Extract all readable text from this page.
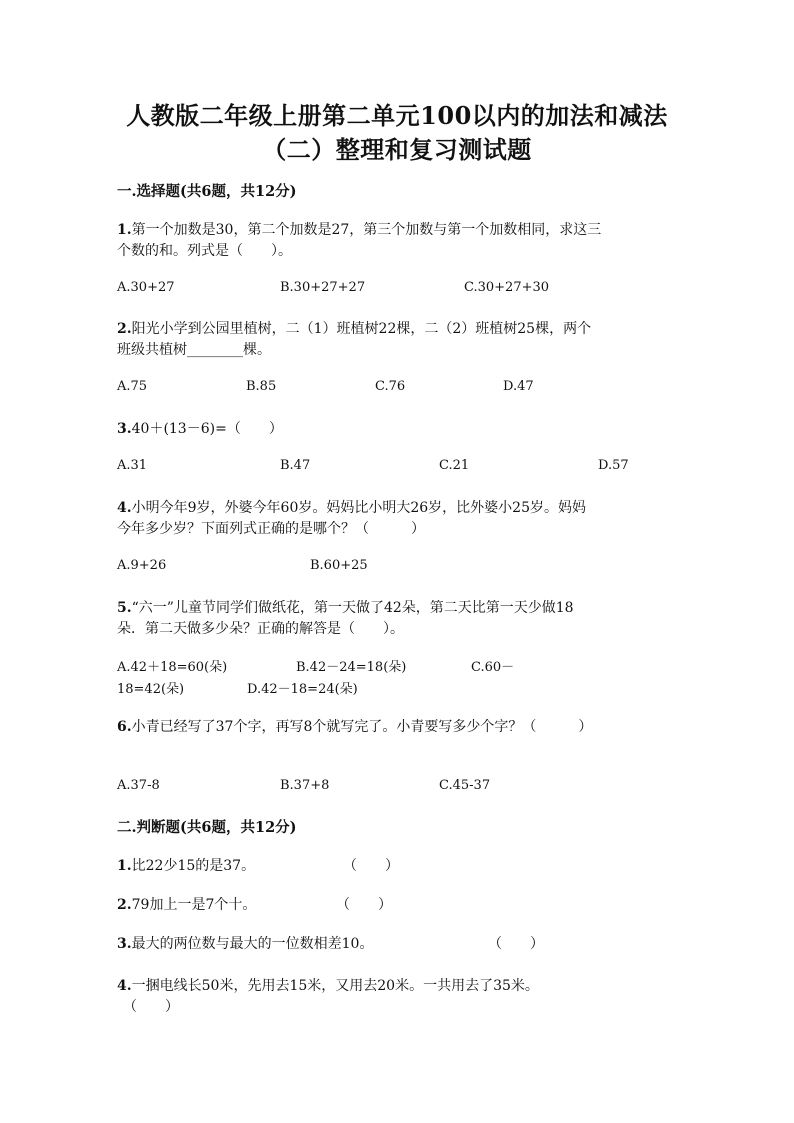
人教版二年级上册第二单元100以内的加法和减法
（二）整理和复习测试题
一.选择题(共6题，共12分)
1.第一个加数是30，第二个加数是27，第三个加数与第一个加数相同，求这三
个数的和。列式是（　　）。
A.30+27	B.30+27+27	C.30+27+30
2.阳光小学到公园里植树，二（1）班植树22棵，二（2）班植树25棵，两个
班级共植树________棵。
A.75	B.85	C.76	D.47
3.40＋(13－6)=（　　）
A.31	B.47	C.21	D.57
4.小明今年9岁，外婆今年60岁。妈妈比小明大26岁，比外婆小25岁。妈妈
今年多少岁？下面列式正确的是哪个？（　　　）
A.9+26	B.60+25
5.“六一”儿童节同学们做纸花，第一天做了42朵，第二天比第一天少做18
朵．第二天做多少朵？正确的解答是（　　）。
A.42＋18=60(朵)	B.42－24=18(朵)	C.60－
18=42(朵)	D.42－18=24(朵)
6.小青已经写了37个字，再写8个就写完了。小青要写多少个字？（　　　）
A.37-8	B.37+8	C.45-37
二.判断题(共6题，共12分)
1.比22少15的是37。	（　　）
2.79加上一是7个十。	（　　）
3.最大的两位数与最大的一位数相差10。	（　　）
4.一捆电线长50米，先用去15米，又用去20米。一共用去了35米。
（　　）
